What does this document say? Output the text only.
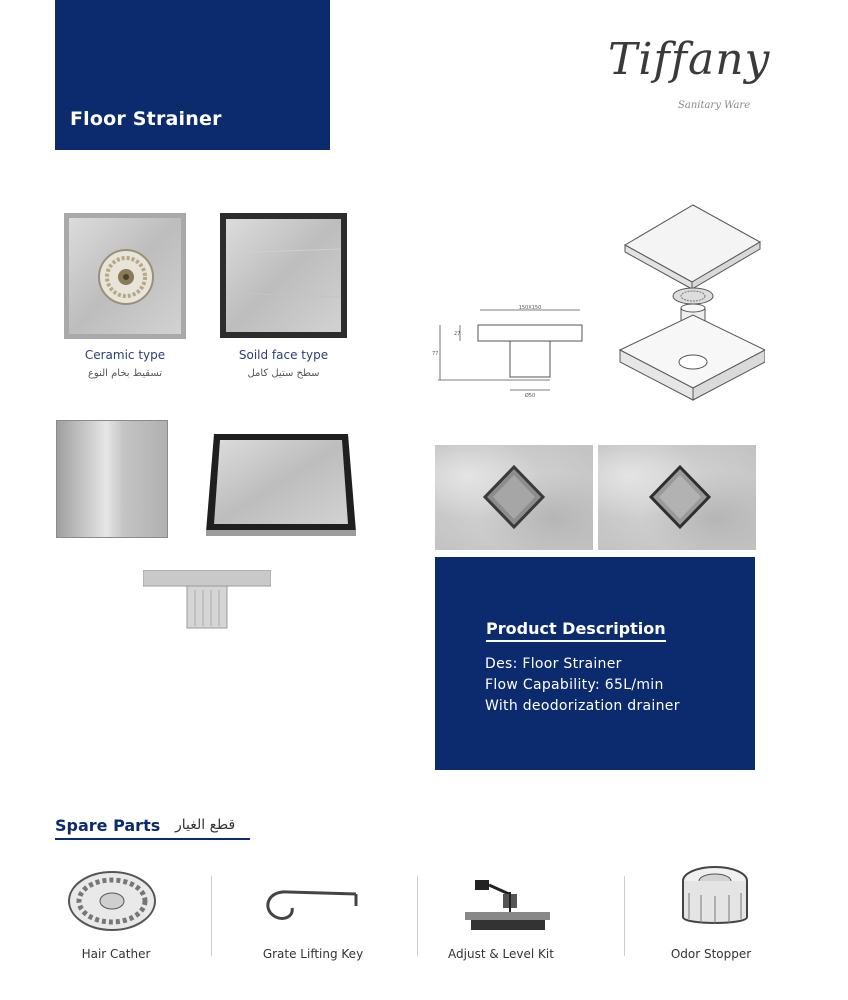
Floor Strainer
Tiffany
Sanitary Ware
Ceramic type
تسقيط بخام النوع
Soild face type
سطح ستيل كامل
150X150
77
27
Ø50
Product Description
Des: Floor Strainer
Flow Capability: 65L/min
With deodorization drainer
Spare Parts قطع الغيار
Hair Cather	Grate Lifting Key	Adjust & Level Kit	Odor Stopper
